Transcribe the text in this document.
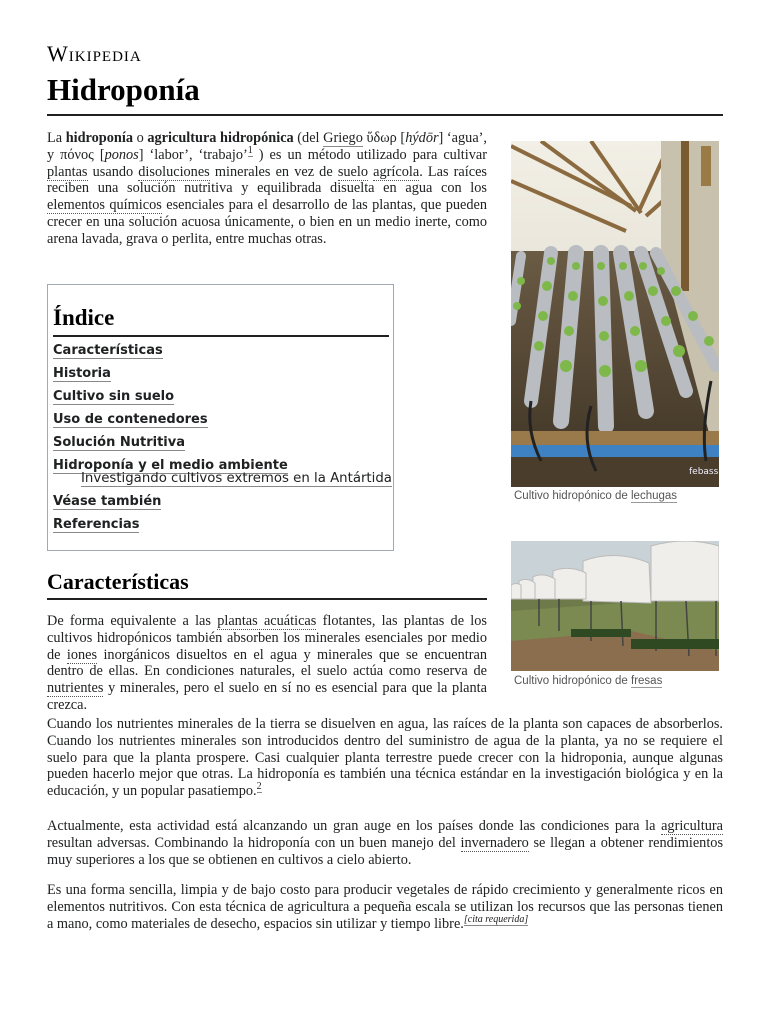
Wikipedia
Hidroponía
La hidroponía o agricultura hidropónica (del Griego ὕδωρ [hýdōr] ‘agua’, y πόνος [ponos] ‘labor’, ‘trabajo’$^1$ ) es un método utilizado para cultivar plantas usando disoluciones minerales en vez de suelo agrícola. Las raíces reciben una solución nutritiva y equilibrada disuelta en agua con los elementos químicos esenciales para el desarrollo de las plantas, que pueden crecer en una solución acuosa únicamente, o bien en un medio inerte, como arena lavada, grava o perlita, entre muchas otras.
Índice
Características
Historia
Cultivo sin suelo
Uso de contenedores
Solución Nutritiva
Hidroponía y el medio ambiente
Investigando cultivos extremos en la Antártida
Véase también
Referencias
febass
Cultivo hidropónico de lechugas
Cultivo hidropónico de fresas
Características
De forma equivalente a las plantas acuáticas flotantes, las plantas de los cultivos hidropónicos también absorben los minerales esenciales por medio de iones inorgánicos disueltos en el agua y minerales que se encuentran dentro de ellas. En condiciones naturales, el suelo actúa como reserva de nutrientes y minerales, pero el suelo en sí no es esencial para que la planta crezca.
Cuando los nutrientes minerales de la tierra se disuelven en agua, las raíces de la planta son capaces de absorberlos. Cuando los nutrientes minerales son introducidos dentro del suministro de agua de la planta, ya no se requiere el suelo para que la planta prospere. Casi cualquier planta terrestre puede crecer con la hidroponia, aunque algunas pueden hacerlo mejor que otras. La hidroponía es también una técnica estándar en la investigación biológica y en la educación, y un popular pasatiempo.$^2$
Actualmente, esta actividad está alcanzando un gran auge en los países donde las condiciones para la agricultura resultan adversas. Combinando la hidroponía con un buen manejo del invernadero se llegan a obtener rendimientos muy superiores a los que se obtienen en cultivos a cielo abierto.
Es una forma sencilla, limpia y de bajo costo para producir vegetales de rápido crecimiento y generalmente ricos en elementos nutritivos. Con esta técnica de agricultura a pequeña escala se utilizan los recursos que las personas tienen a mano, como materiales de desecho, espacios sin utilizar y tiempo libre.[cita requerida]
